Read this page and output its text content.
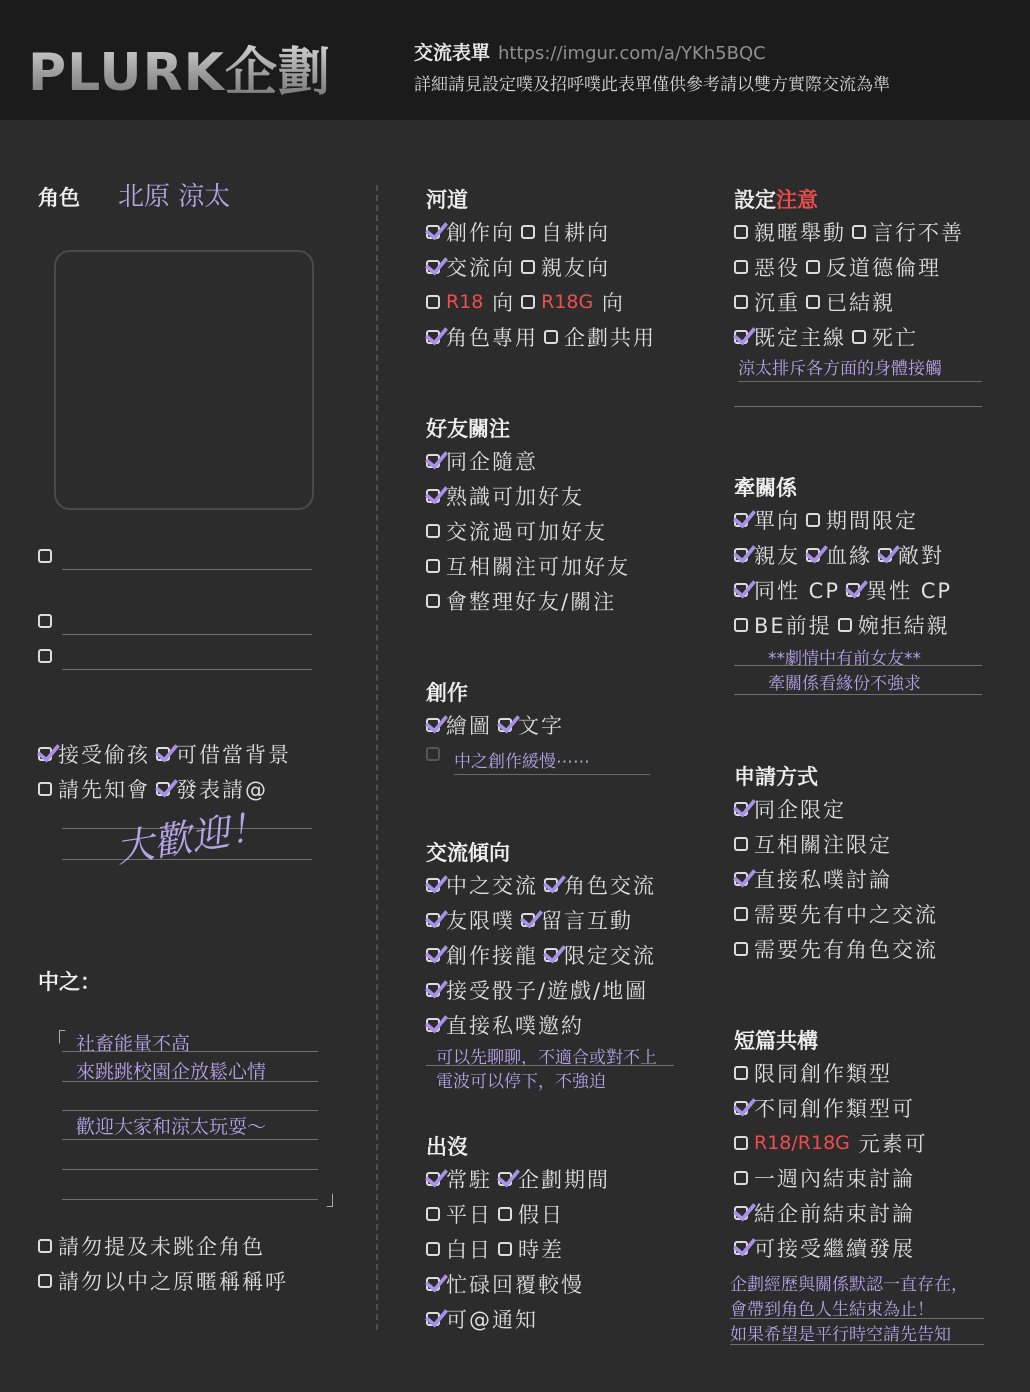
PLURK企劃	交流表單 https://imgur.com/a/YKh5BQC
詳細請見設定噗及招呼噗此表單僅供參考請以雙方實際交流為準
角色 北原 涼太
接受偷孩 可借當背景
請先知會 發表請@
大歡迎！
中之：
「 社畜能量不高
來跳跳校園企放鬆心情
歡迎大家和涼太玩耍～
」
請勿提及未跳企角色
請勿以中之原暱稱稱呼
河道
創作向 自耕向
交流向 親友向
R18
向 R18G
向
角色專用 企劃共用
好友關注
同企隨意
熟識可加好友
交流過可加好友
互相關注可加好友
會整理好友/關注
創作
繪圖 文字
中之創作緩慢⋯⋯
交流傾向
中之交流 角色交流
友限噗 留言互動
創作接龍 限定交流
接受骰子/遊戲/地圖
直接私噗邀約
可以先聊聊，不適合或對不上
電波可以停下，不強迫
出沒
常駐 企劃期間
平日 假日
白日 時差
忙碌回覆較慢
可@通知
設定注意
親暱舉動 言行不善
惡役 反道德倫理
沉重 已結親
既定主線 死亡
涼太排斥各方面的身體接觸
牽關係
單向 期間限定
親友 血緣 敵對
同性 CP 異性 CP
BE前提 婉拒結親
**劇情中有前女友**
牽關係看緣份不強求
申請方式
同企限定
互相關注限定
直接私噗討論
需要先有中之交流
需要先有角色交流
短篇共構
限同創作類型
不同創作類型可
R18/R18G
元素可
一週內結束討論
結企前結束討論
可接受繼續發展
企劃經歷與關係默認一直存在，
會帶到角色人生結束為止！
如果希望是平行時空請先告知
